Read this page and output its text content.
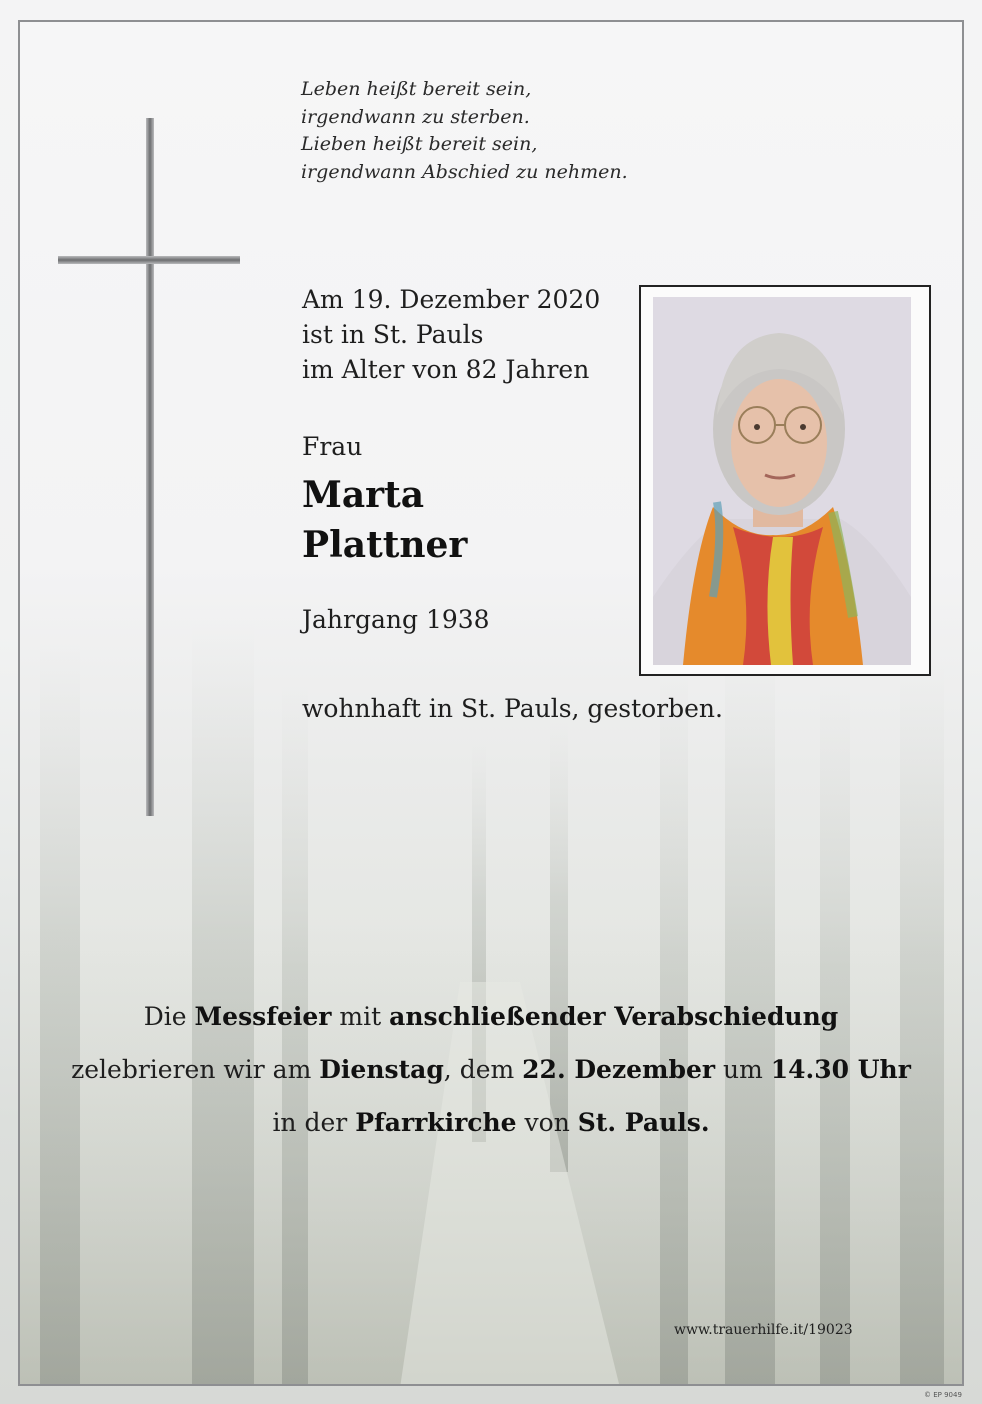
Leben heißt bereit sein,
irgendwann zu sterben.
Lieben heißt bereit sein,
irgendwann Abschied zu nehmen.
Am 19. Dezember 2020
ist in St. Pauls
im Alter von 82 Jahren
Frau
Marta
Plattner
Jahrgang 1938
wohnhaft in St. Pauls, gestorben.
Die Messfeier mit anschließender Verabschiedung
zelebrieren wir am Dienstag, dem 22. Dezember um 14.30 Uhr
in der Pfarrkirche von St. Pauls.
www.trauerhilfe.it/19023
© EP 9049
